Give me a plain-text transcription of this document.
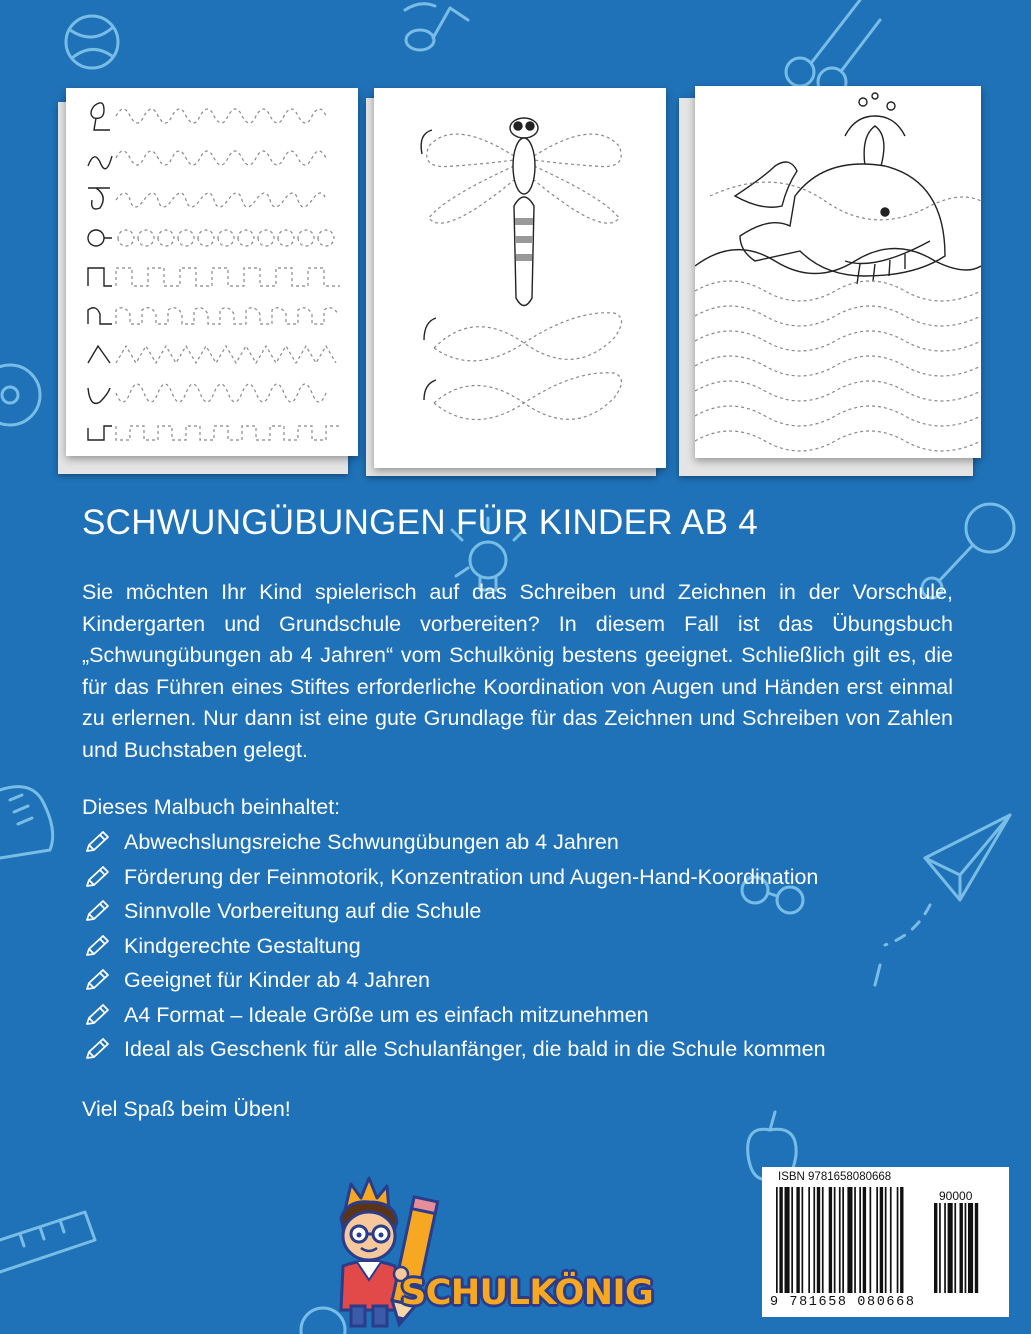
SCHWUNGÜBUNGEN FÜR KINDER AB 4

Sie möchten Ihr Kind spielerisch auf das Schreiben und Zeichnen in der Vorschule, Kindergarten und Grundschule vorbereiten? In diesem Fall ist das Übungsbuch „Schwungübungen ab 4 Jahren“ vom Schulkönig bestens geeignet. Schließlich gilt es, die für das Führen eines Stiftes erforderliche Koordination von Augen und Händen erst einmal zu erlernen. Nur dann ist eine gute Grundlage für das Zeichnen und Schreiben von Zahlen und Buchstaben gelegt.

Dieses Malbuch beinhaltet:
Abwechslungsreiche Schwungübungen ab 4 Jahren
Förderung der Feinmotorik, Konzentration und Augen-Hand-Koordination
Sinnvolle Vorbereitung auf die Schule
Kindgerechte Gestaltung
Geeignet für Kinder ab 4 Jahren
A4 Format – Ideale Größe um es einfach mitzunehmen
Ideal als Geschenk für alle Schulanfänger, die bald in die Schule kommen
Viel Spaß beim Üben!
SCHULKÖNIG
ISBN 9781658080668
90000
9 781658 080668
